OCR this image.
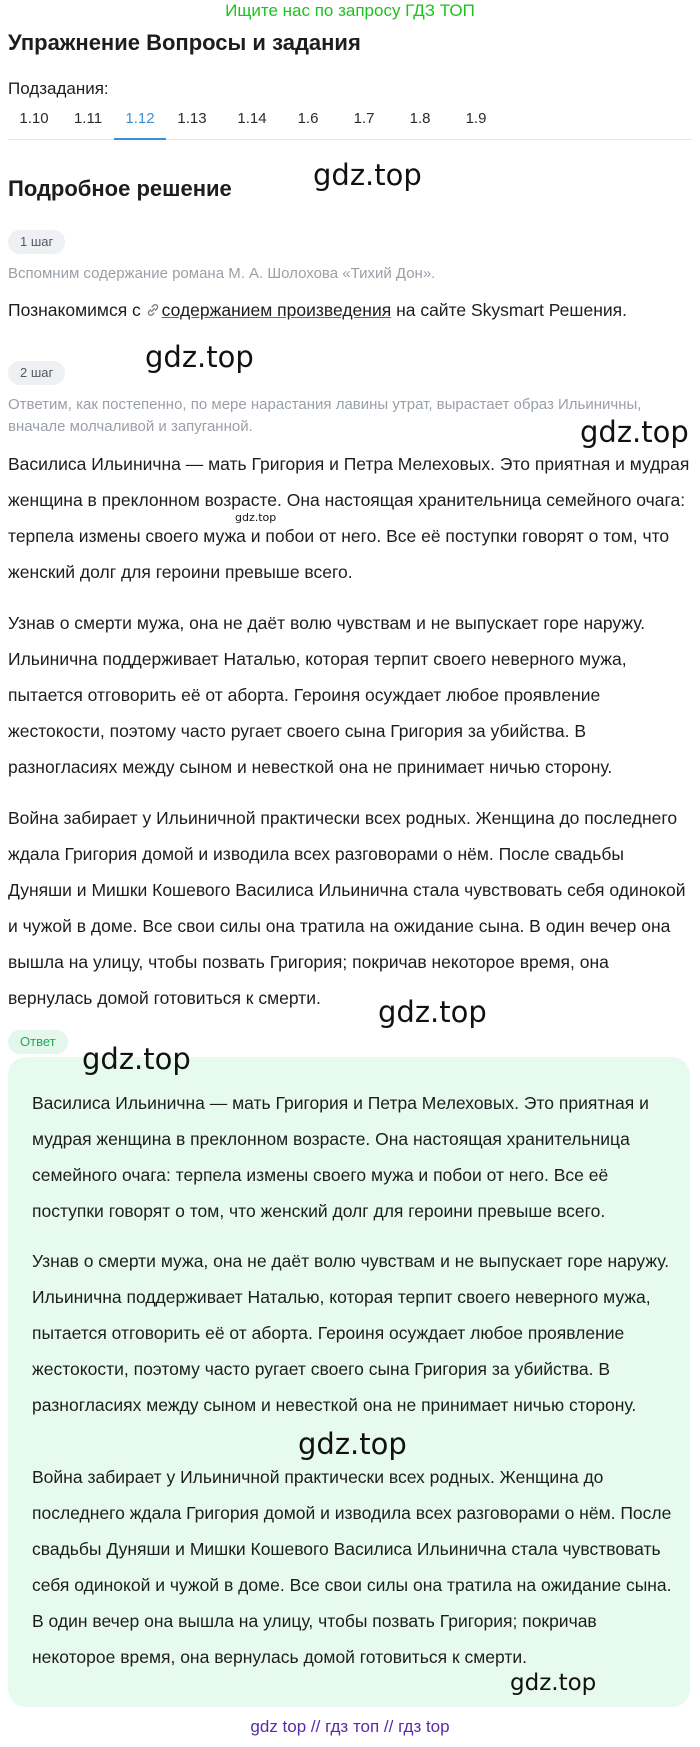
Ищите нас по запросу ГДЗ ТОП
Упражнение Вопросы и задания
Подзадания:
1.10	1.11	1.12	1.13	1.14	1.6	1.7	1.8	1.9
Подробное решение
1 шаг
Вспомним содержание романа М. А. Шолохова «Тихий Дон».
Познакомимся с содержанием произведения на сайте Skysmart Решения.
2 шаг
Ответим, как постепенно, по мере нарастания лавины утрат, вырастает образ Ильиничны, вначале молчаливой и запуганной.

Василиса Ильинична — мать Григория и Петра Мелеховых. Это приятная и мудрая женщина в преклонном возрасте. Она настоящая хранительница семейного очага: терпела измены своего мужа и побои от него. Все её поступки говорят о том, что женский долг для героини превыше всего.

Узнав о смерти мужа, она не даёт волю чувствам и не выпускает горе наружу. Ильинична поддерживает Наталью, которая терпит своего неверного мужа, пытается отговорить её от аборта. Героиня осуждает любое проявление жестокости, поэтому часто ругает своего сына Григория за убийства. В разногласиях между сыном и невесткой она не принимает ничью сторону.

Война забирает у Ильиничной практически всех родных. Женщина до последнего ждала Григория домой и изводила всех разговорами о нём. После свадьбы Дуняши и Мишки Кошевого Василиса Ильинична стала чувствовать себя одинокой и чужой в доме. Все свои силы она тратила на ожидание сына. В один вечер она вышла на улицу, чтобы позвать Григория; покричав некоторое время, она вернулась домой готовиться к смерти.

Ответ

Василиса Ильинична — мать Григория и Петра Мелеховых. Это приятная и мудрая женщина в преклонном возрасте. Она настоящая хранительница семейного очага: терпела измены своего мужа и побои от него. Все её поступки говорят о том, что женский долг для героини превыше всего.

Узнав о смерти мужа, она не даёт волю чувствам и не выпускает горе наружу. Ильинична поддерживает Наталью, которая терпит своего неверного мужа, пытается отговорить её от аборта. Героиня осуждает любое проявление жестокости, поэтому часто ругает своего сына Григория за убийства. В разногласиях между сыном и невесткой она не принимает ничью сторону.

Война забирает у Ильиничной практически всех родных. Женщина до последнего ждала Григория домой и изводила всех разговорами о нём. После свадьбы Дуняши и Мишки Кошевого Василиса Ильинична стала чувствовать себя одинокой и чужой в доме. Все свои силы она тратила на ожидание сына. В один вечер она вышла на улицу, чтобы позвать Григория; покричав некоторое время, она вернулась домой готовиться к смерти.

gdz.top
gdz.top
gdz.top
gdz.top
gdz.top
gdz.top
gdz.top
gdz.top
gdz top // гдз топ // гдз top
